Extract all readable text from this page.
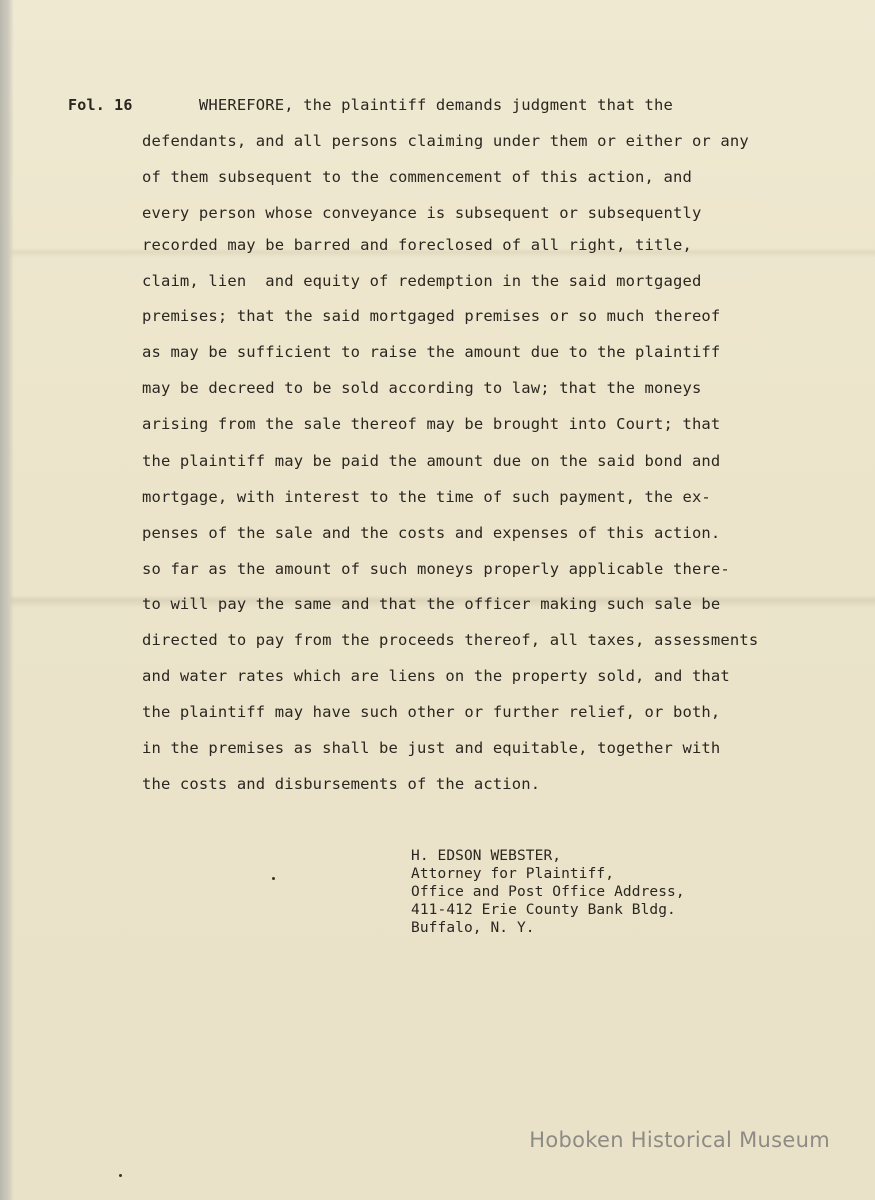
Fol. 16 WHEREFORE, the plaintiff demands judgment that the
defendants, and all persons claiming under them or either or any
of them subsequent to the commencement of this action, and
every person whose conveyance is subsequent or subsequently
recorded may be barred and foreclosed of all right, title,
claim, lien  and equity of redemption in the said mortgaged
premises; that the said mortgaged premises or so much thereof
as may be sufficient to raise the amount due to the plaintiff
may be decreed to be sold according to law; that the moneys
arising from the sale thereof may be brought into Court; that
the plaintiff may be paid the amount due on the said bond and
mortgage, with interest to the time of such payment, the ex-
penses of the sale and the costs and expenses of this action.
so far as the amount of such moneys properly applicable there-
to will pay the same and that the officer making such sale be
directed to pay from the proceeds thereof, all taxes, assessments
and water rates which are liens on the property sold, and that
the plaintiff may have such other or further relief, or both,
in the premises as shall be just and equitable, together with
the costs and disbursements of the action.
H. EDSON WEBSTER,
Attorney for Plaintiff,
Office and Post Office Address,
411-412 Erie County Bank Bldg.
Buffalo, N. Y.
Hoboken Historical Museum
